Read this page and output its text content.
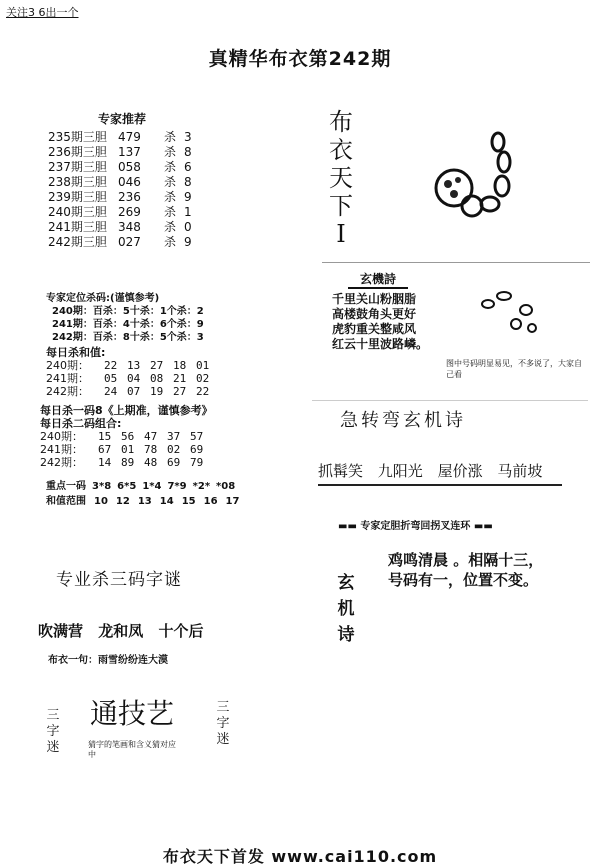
关注3 6出一个
真精华布衣第242期
专家推荐
235期三胆 479 杀 3
236期三胆 137 杀 8
237期三胆 058 杀 6
238期三胆 046 杀 8
239期三胆 236 杀 9
240期三胆 269 杀 1
241期三胆 348 杀 0
242期三胆 027 杀 9
专家定位杀码:(谨慎参考)
240期：百杀：5十杀：1个杀：2
241期：百杀：4十杀：6个杀：9
242期：百杀：8十杀：5个杀：3
每日杀和值:
240期： 22 13 27 18 01
241期： 05 04 08 21 02
242期： 24 07 19 27 22
每日杀一码8《上期准，谨慎参考》
每日杀二码组合:
240期： 15 56 47 37 57
241期： 67 01 78 02 69
242期： 14 89 48 69 79
重点一码 3*8 6*5 1*4 7*9 *2* *08
和值范围 10 12 13 14 15 16 17
专业杀三码字谜
吹满营 龙和凤 十个后
布衣一句：雨雪纷纷连大漠
三字迷
通技艺	三字迷
猜字的笔画和含义猜对应中
布衣天下I
玄機詩
千里关山粉胭脂
高楼鼓角头更好
虎豹重关整咸风
红云十里波路嶙。
图中号码明显易见，不多说了，大家自己看
急转弯玄机诗
抓髯笑 九阳光 屋价涨 马前坡
▬▬ 专家定胆折弯回拐叉连环 ▬▬
玄机诗
鸡鸣清晨 。相隔十三，
号码有一，位置不变。
布衣天下首发 www.cai110.com
